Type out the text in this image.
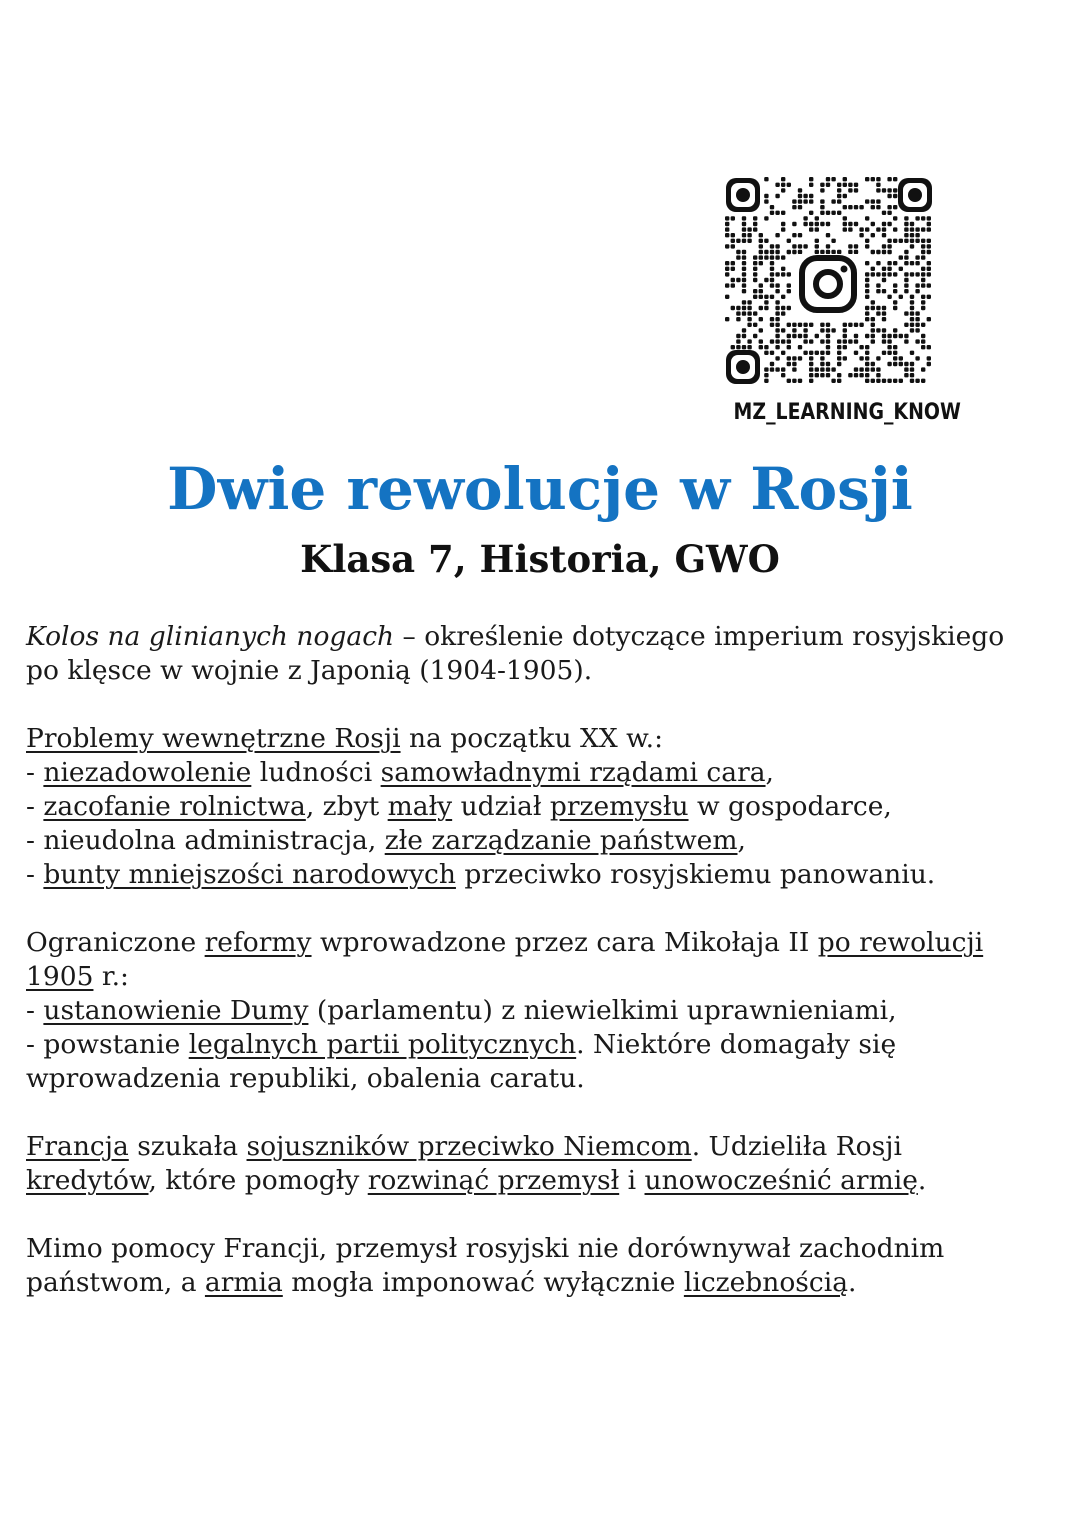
MZ_LEARNING_KNOW
Dwie rewolucje w Rosji
Klasa 7, Historia, GWO

Kolos na glinianych nogach – określenie dotyczące imperium rosyjskiego
po klęsce w wojnie z Japonią (1904-1905).

Problemy wewnętrzne Rosji na początku XX w.:
- niezadowolenie ludności samowładnymi rządami cara,
- zacofanie rolnictwa, zbyt mały udział przemysłu w gospodarce,
- nieudolna administracja, złe zarządzanie państwem,
- bunty mniejszości narodowych przeciwko rosyjskiemu panowaniu.

Ograniczone reformy wprowadzone przez cara Mikołaja II po rewolucji
1905 r.:
- ustanowienie Dumy (parlamentu) z niewielkimi uprawnieniami,
- powstanie legalnych partii politycznych. Niektóre domagały się
wprowadzenia republiki, obalenia caratu.

Francja szukała sojuszników przeciwko Niemcom. Udzieliła Rosji
kredytów, które pomogły rozwinąć przemysł i unowocześnić armię.

Mimo pomocy Francji, przemysł rosyjski nie dorównywał zachodnim
państwom, a armia mogła imponować wyłącznie liczebnością.
